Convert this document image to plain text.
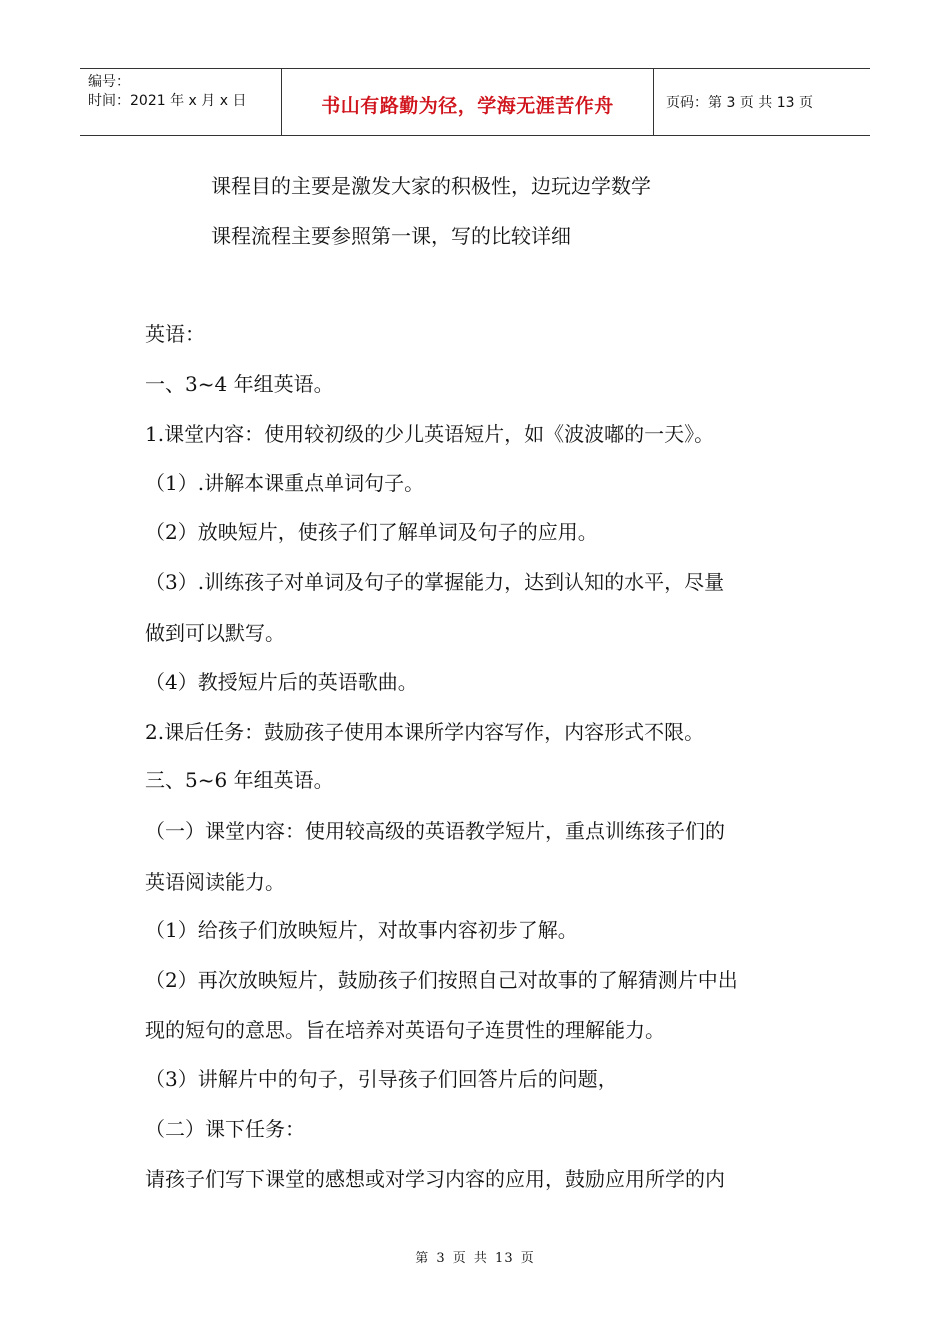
编号：
时间：2021 年 x 月 x 日	书山有路勤为径，学海无涯苦作舟	页码：第 3 页 共 13 页
课程目的主要是激发大家的积极性，边玩边学数学
课程流程主要参照第一课，写的比较详细
英语：
一、3~4 年组英语。
1.课堂内容：使用较初级的少儿英语短片，如《波波嘟的一天》。
（1）.讲解本课重点单词句子。
（2）放映短片，使孩子们了解单词及句子的应用。
（3）.训练孩子对单词及句子的掌握能力，达到认知的水平，尽量
做到可以默写。
（4）教授短片后的英语歌曲。
2.课后任务：鼓励孩子使用本课所学内容写作，内容形式不限。
三、5~6 年组英语。
（一）课堂内容：使用较高级的英语教学短片，重点训练孩子们的
英语阅读能力。
（1）给孩子们放映短片，对故事内容初步了解。
（2）再次放映短片，鼓励孩子们按照自己对故事的了解猜测片中出
现的短句的意思。旨在培养对英语句子连贯性的理解能力。
（3）讲解片中的句子，引导孩子们回答片后的问题，
（二）课下任务：
请孩子们写下课堂的感想或对学习内容的应用，鼓励应用所学的内
第 3 页 共 13 页
